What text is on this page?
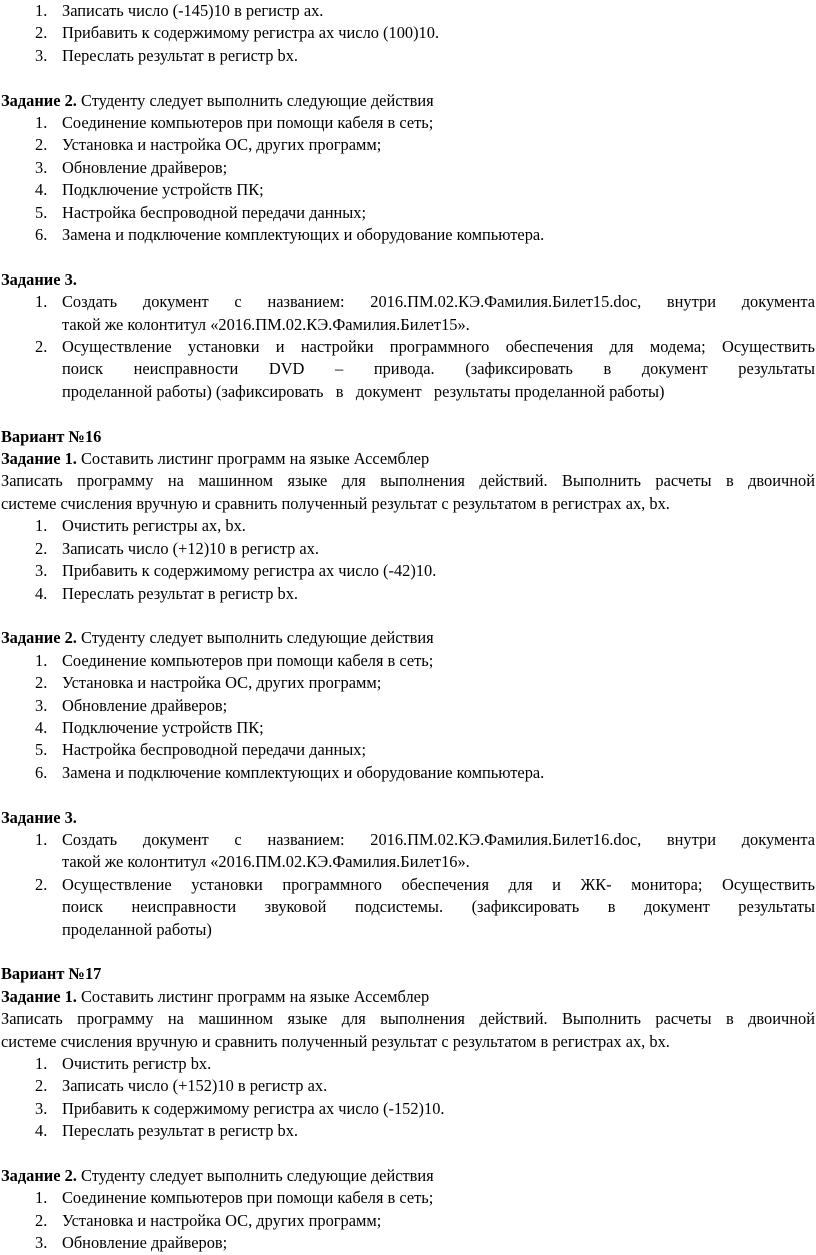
1. Записать число (-145)10 в регистр ах.
2. Прибавить к содержимому регистра ах число (100)10.
3. Переслать результат в регистр bx.

Задание 2. Студенту следует выполнить следующие действия

1. Соединение компьютеров при помощи кабеля в сеть;
2. Установка и настройка ОС, других программ;
3. Обновление драйверов;
4. Подключение устройств ПК;
5. Настройка беспроводной передачи данных;
6. Замена и подключение комплектующих и оборудование компьютера.

Задание 3.

1. Создать документ с названием: 2016.ПМ.02.КЭ.Фамилия.Билет15.doc, внутри документа
такой же колонтитул «2016.ПМ.02.КЭ.Фамилия.Билет15».
2. Осуществление установки и настройки программного обеспечения для модема; Осуществить
поиск неисправности DVD – привода. (зафиксировать в документ результаты
проделанной работы) (зафиксировать   в   документ   результаты проделанной работы)

Вариант №16

Задание 1. Составить листинг программ на языке Ассемблер

Записать программу на машинном языке для выполнения действий. Выполнить расчеты в двоичной

системе счисления вручную и сравнить полученный результат с результатом в регистрах ах, bx.

1. Очистить регистры ах, bx.
2. Записать число (+12)10 в регистр ах.
3. Прибавить к содержимому регистра ах число (-42)10.
4. Переслать результат в регистр bx.

Задание 2. Студенту следует выполнить следующие действия

1. Соединение компьютеров при помощи кабеля в сеть;
2. Установка и настройка ОС, других программ;
3. Обновление драйверов;
4. Подключение устройств ПК;
5. Настройка беспроводной передачи данных;
6. Замена и подключение комплектующих и оборудование компьютера.

Задание 3.

1. Создать документ с названием: 2016.ПМ.02.КЭ.Фамилия.Билет16.doc, внутри документа
такой же колонтитул «2016.ПМ.02.КЭ.Фамилия.Билет16».
2. Осуществление установки программного обеспечения для и ЖК- монитора; Осуществить
поиск неисправности звуковой подсистемы. (зафиксировать в документ результаты
проделанной работы)

Вариант №17

Задание 1. Составить листинг программ на языке Ассемблер

Записать программу на машинном языке для выполнения действий. Выполнить расчеты в двоичной

системе счисления вручную и сравнить полученный результат с результатом в регистрах ах, bx.

1. Очистить регистр bx.
2. Записать число (+152)10 в регистр ах.
3. Прибавить к содержимому регистра ах число (-152)10.
4. Переслать результат в регистр bx.

Задание 2. Студенту следует выполнить следующие действия

1. Соединение компьютеров при помощи кабеля в сеть;
2. Установка и настройка ОС, других программ;
3. Обновление драйверов;
